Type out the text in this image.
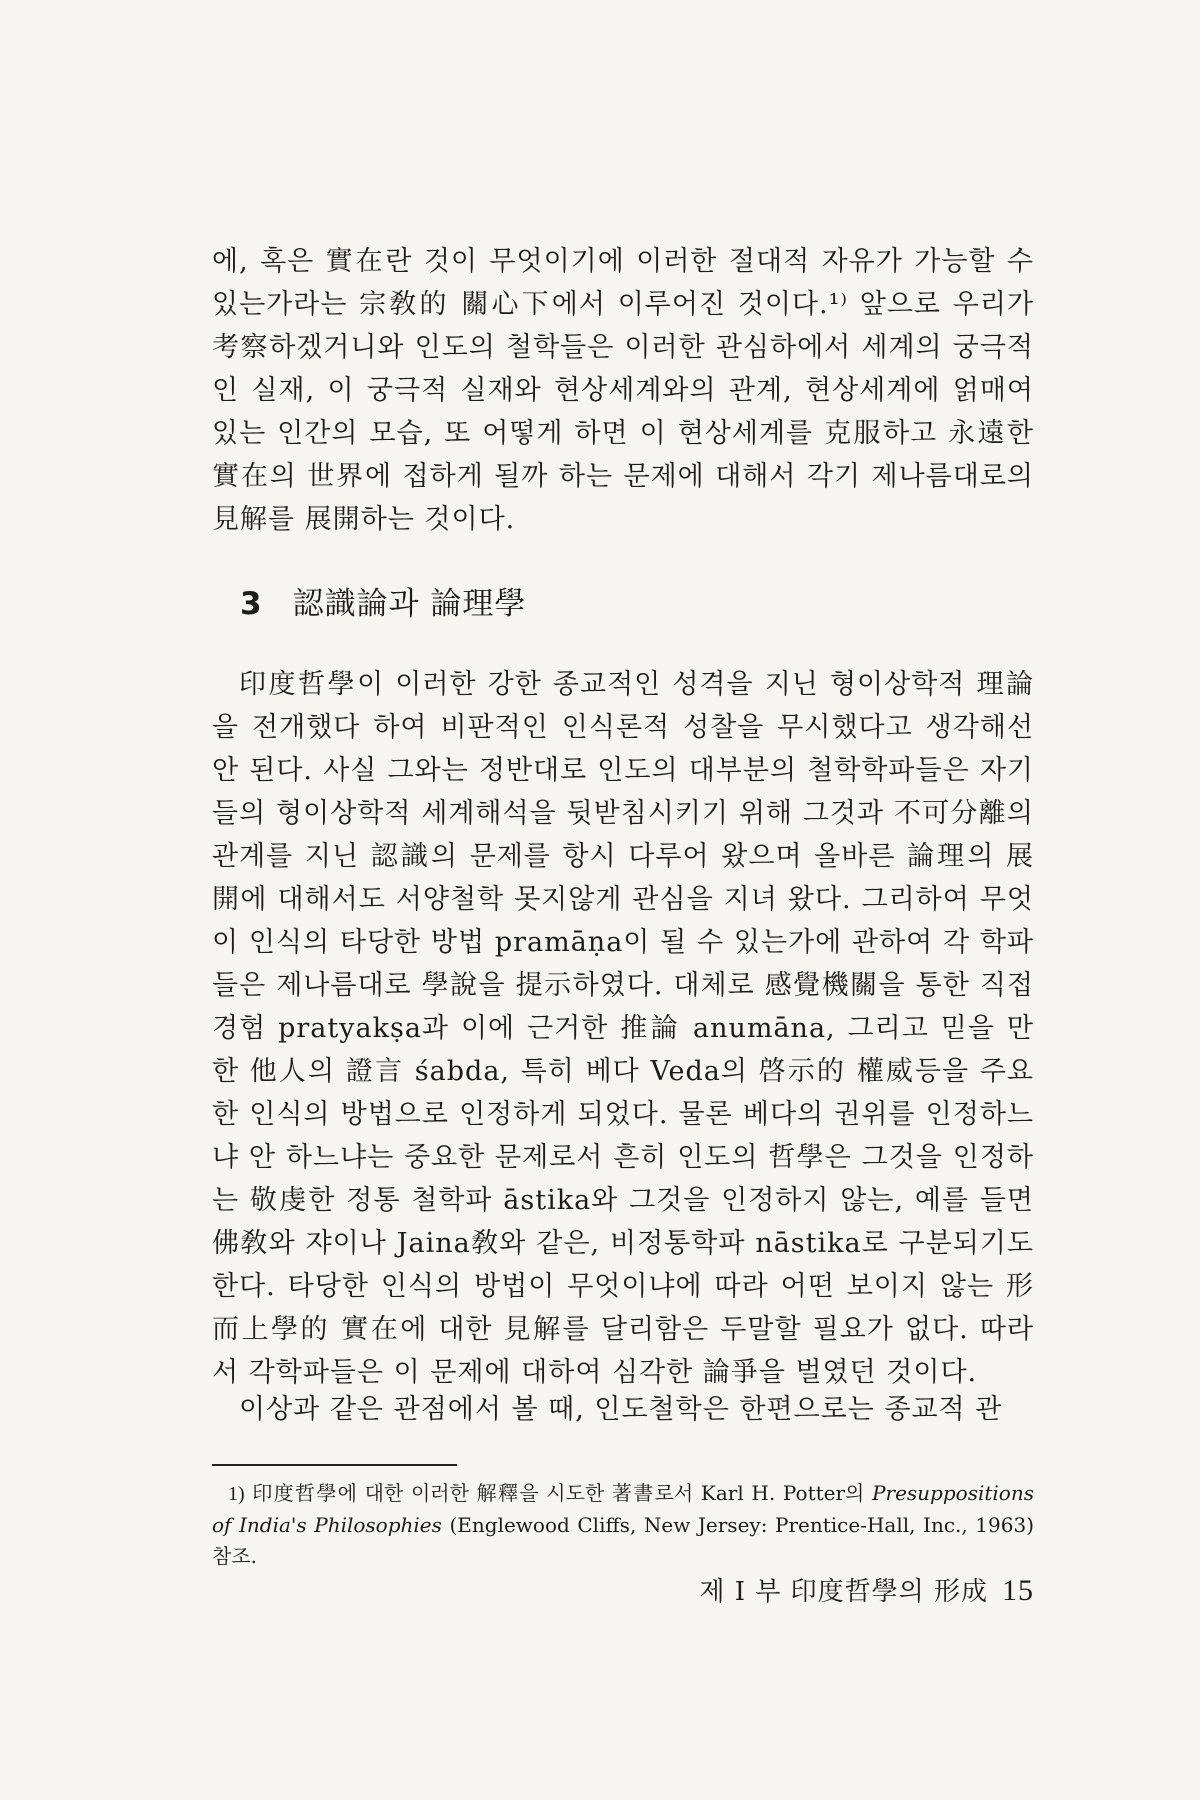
에, 혹은 實在란 것이 무엇이기에 이러한 절대적 자유가 가능할 수 있는가라는 宗敎的 關心下에서 이루어진 것이다.¹⁾ 앞으로 우리가 考察하겠거니와 인도의 철학들은 이러한 관심하에서 세계의 궁극적인 실재, 이 궁극적 실재와 현상세계와의 관계, 현상세계에 얽매여 있는 인간의 모습, 또 어떻게 하면 이 현상세계를 克服하고 永遠한 實在의 世界에 접하게 될까 하는 문제에 대해서 각기 제나름대로의 見解를 展開하는 것이다.
3 認識論과 論理學
印度哲學이 이러한 강한 종교적인 성격을 지닌 형이상학적 理論을 전개했다 하여 비판적인 인식론적 성찰을 무시했다고 생각해선 안 된다. 사실 그와는 정반대로 인도의 대부분의 철학학파들은 자기들의 형이상학적 세계해석을 뒷받침시키기 위해 그것과 不可分離의 관계를 지닌 認識의 문제를 항시 다루어 왔으며 올바른 論理의 展開에 대해서도 서양철학 못지않게 관심을 지녀 왔다. 그리하여 무엇이 인식의 타당한 방법 pramāṇa이 될 수 있는가에 관하여 각 학파들은 제나름대로 學說을 提示하였다. 대체로 感覺機關을 통한 직접경험 pratyakṣa과 이에 근거한 推論 anumāna, 그리고 믿을 만한 他人의 證言 śabda, 특히 베다 Veda의 啓示的 權威등을 주요한 인식의 방법으로 인정하게 되었다. 물론 베다의 권위를 인정하느냐 안 하느냐는 중요한 문제로서 흔히 인도의 哲學은 그것을 인정하는 敬虔한 정통 철학파 āstika와 그것을 인정하지 않는, 예를 들면 佛敎와 쟈이나 Jaina敎와 같은, 비정통학파 nāstika로 구분되기도 한다. 타당한 인식의 방법이 무엇이냐에 따라 어떤 보이지 않는 形而上學的 實在에 대한 見解를 달리함은 두말할 필요가 없다. 따라서 각학파들은 이 문제에 대하여 심각한 論爭을 벌였던 것이다.
이상과 같은 관점에서 볼 때, 인도철학은 한편으로는 종교적 관
1) 印度哲學에 대한 이러한 解釋을 시도한 著書로서 Karl H. Potter의 Presuppositions of India's Philosophies (Englewood Cliffs, New Jersey: Prentice-Hall, Inc., 1963) 참조.
제 I 부 印度哲學의 形成 15
